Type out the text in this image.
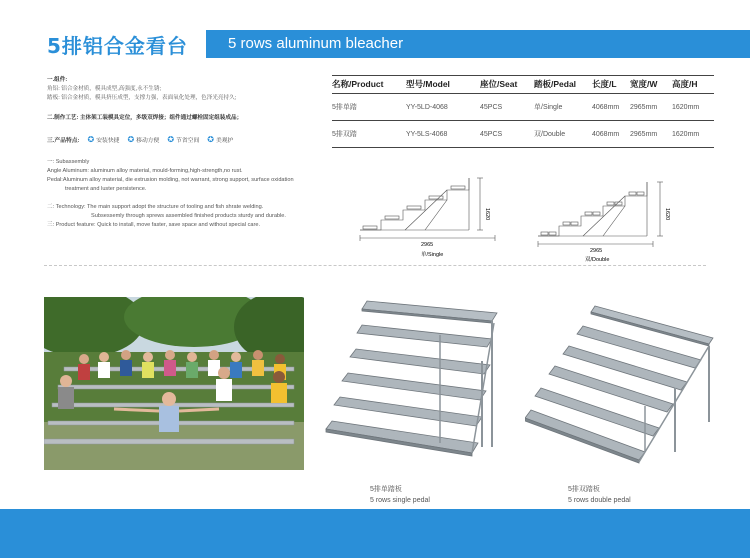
5排铝合金看台	5 rows aluminum bleacher
一.组件:
角铝: 铝合金材质，模具成型,高强度,永不生锈;
踏板: 铝合金材质，模具挤压成型，支撑力强，表面氧化处理，色泽光亮持久;
二.制作工艺: 主体架工装模具定位，多级双焊接；组件通过螺栓固定组装成品；
三.产品特点: ✪ 安装快捷 ✪ 移动方便 ✪ 节省空间 ✪ 美观护
一: Subassembly
Angle Aluminum: aluminum alloy material, mould-forming,high-strength,no rust.
Pedal:Aluminum alloy material, die extrusion molding, not warrant, strong support, surface oxidation
treatment and luster persistence.
二: Technology: The main support adopt the structure of tooling and fish shrate welding.
Subsessemly through sprews assembled finished products sturdy and durable.
三: Product feature: Quick to install, move faster, save space and without special care.
名称/Product	型号/Model	座位/Seat	踏板/Pedal	长度/L	宽度/W	高度/H
5排单踏	YY-5LD-4068	45PCS	单/Single	4068mm	2965mm	1620mm
5排双踏	YY-5LS-4068	45PCS	双/Double	4068mm	2965mm	1620mm
2965
1620
单/Single
2965
1620
双/Double
5排单踏板
5 rows single pedal
5排双踏板
5 rows double pedal
